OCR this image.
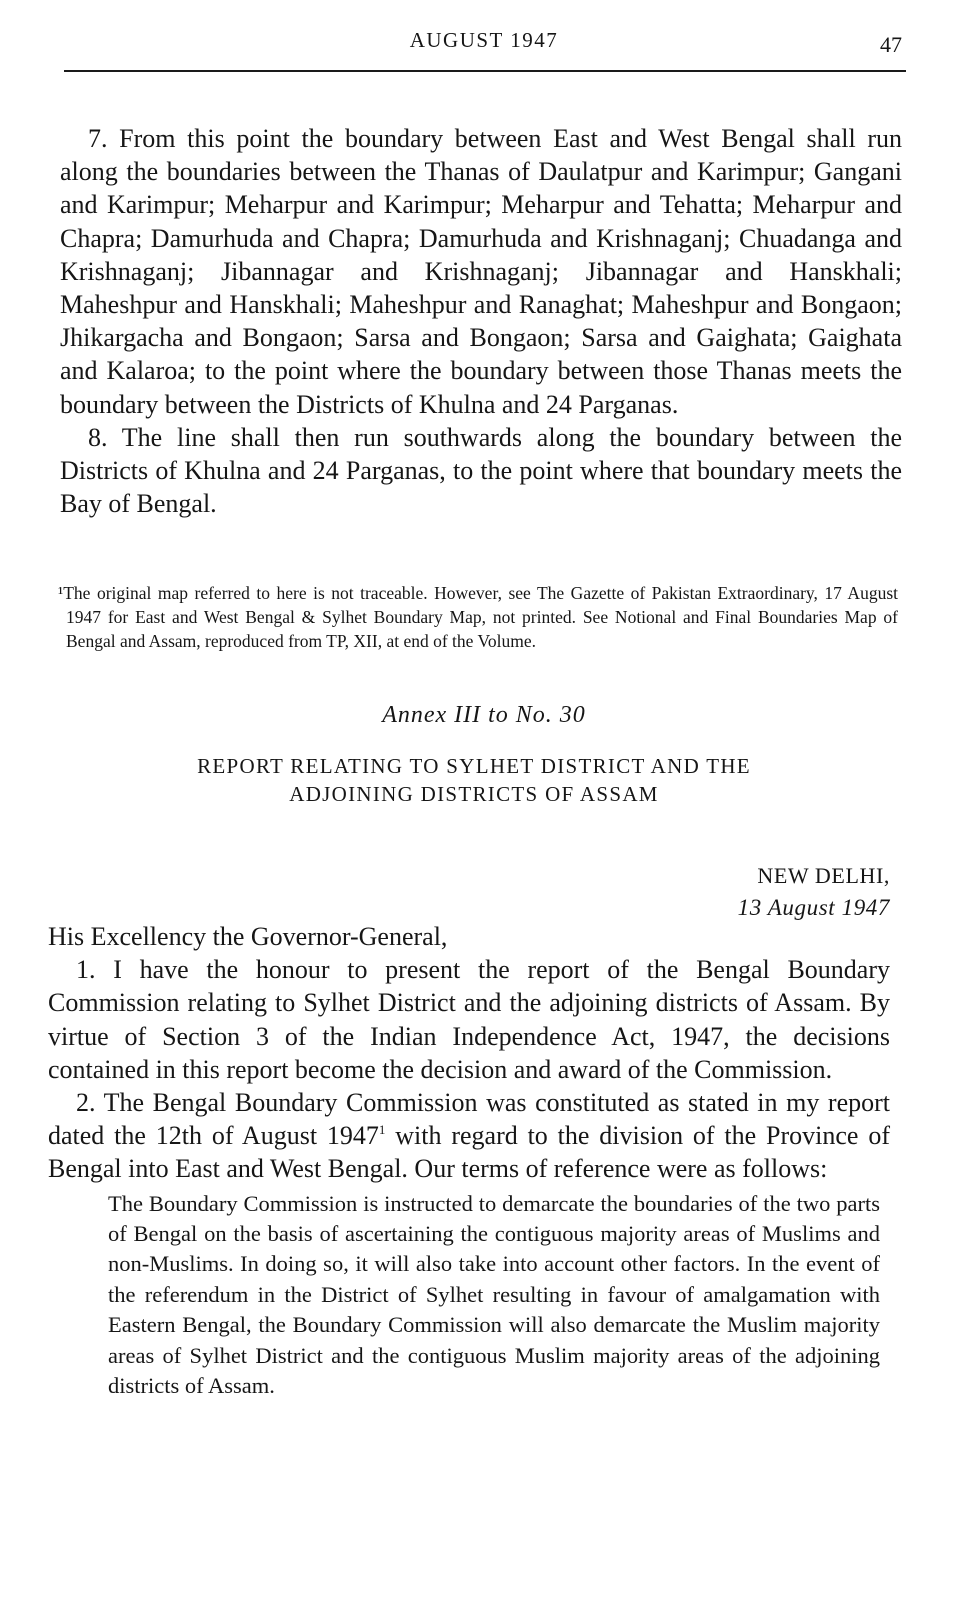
AUGUST 1947	47

7. From this point the boundary between East and West Bengal shall run along the boundaries between the Thanas of Daulatpur and Karimpur; Gangani and Karimpur; Meharpur and Karimpur; Meharpur and Tehatta; Meharpur and Chapra; Damurhuda and Chapra; Damurhuda and Krishnaganj; Chuadanga and Krishnaganj; Jibannagar and Krishnaganj; Jibannagar and Hanskhali; Maheshpur and Hanskhali; Maheshpur and Ranaghat; Maheshpur and Bongaon; Jhikargacha and Bongaon; Sarsa and Bongaon; Sarsa and Gaighata; Gaighata and Kalaroa; to the point where the boundary between those Thanas meets the boundary between the Districts of Khulna and 24 Parganas.

8. The line shall then run southwards along the boundary between the Districts of Khulna and 24 Parganas, to the point where that boundary meets the Bay of Bengal.

¹The original map referred to here is not traceable. However, see The Gazette of Pakistan Extraordinary, 17 August 1947 for East and West Bengal & Sylhet Boundary Map, not printed. See Notional and Final Boundaries Map of Bengal and Assam, reproduced from TP, XII, at end of the Volume.

Annex III to No. 30
REPORT RELATING TO SYLHET DISTRICT AND THE
ADJOINING DISTRICTS OF ASSAM
NEW DELHI,
13 August 1947

His Excellency the Governor-General,

1. I have the honour to present the report of the Bengal Boundary Commission relating to Sylhet District and the adjoining districts of Assam. By virtue of Section 3 of the Indian Independence Act, 1947, the decisions contained in this report become the decision and award of the Commission.

2. The Bengal Boundary Commission was constituted as stated in my report dated the 12th of August 1947$^1$ with regard to the division of the Province of Bengal into East and West Bengal. Our terms of reference were as follows:

The Boundary Commission is instructed to demarcate the boundaries of the two parts of Bengal on the basis of ascertaining the contiguous majority areas of Muslims and non-Muslims. In doing so, it will also take into account other factors. In the event of the referendum in the District of Sylhet resulting in favour of amalgamation with Eastern Bengal, the Boundary Commission will also demarcate the Muslim majority areas of Sylhet District and the contiguous Muslim majority areas of the adjoining districts of Assam.
